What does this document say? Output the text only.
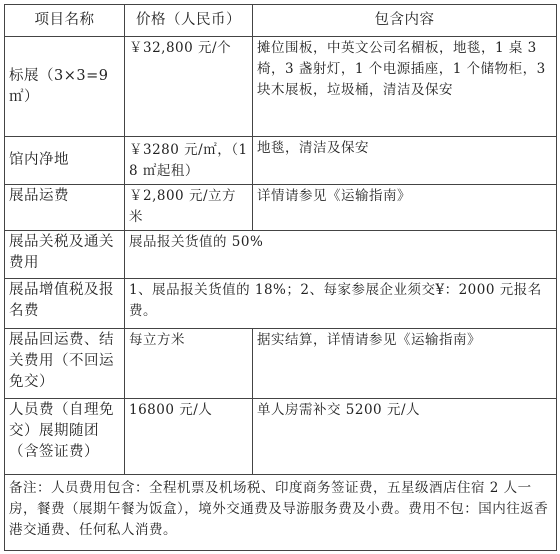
项目名称	价格（人民币）	包含内容
标展（3×3=9 ㎡）	￥32,800 元/个	摊位围板，中英文公司名楣板，地毯，1 桌 3 椅，3 盏射灯，1 个电源插座，1 个储物柜，3 块木展板，垃圾桶，清洁及保安
馆内净地	￥3280 元/㎡，（18 ㎡起租）	地毯，清洁及保安
展品运费	￥2,800 元/立方米	详情请参见《运输指南》
展品关税及通关费用	展品报关货值的 50%	
展品增值税及报名费	1、展品报关货值的 18%；2、每家参展企业须交¥：2000 元报名费。	
展品回运费、结关费用（不回运免交）	每立方米	据实结算，详情请参见《运输指南》
人员费（自理免交）展期随团（含签证费）	16800 元/人	单人房需补交 5200 元/人
备注：人员费用包含：全程机票及机场税、印度商务签证费，五星级酒店住宿 2 人一房，餐费（展期午餐为饭盒），境外交通费及导游服务费及小费。费用不包：国内往返香港交通费、任何私人消费。		
